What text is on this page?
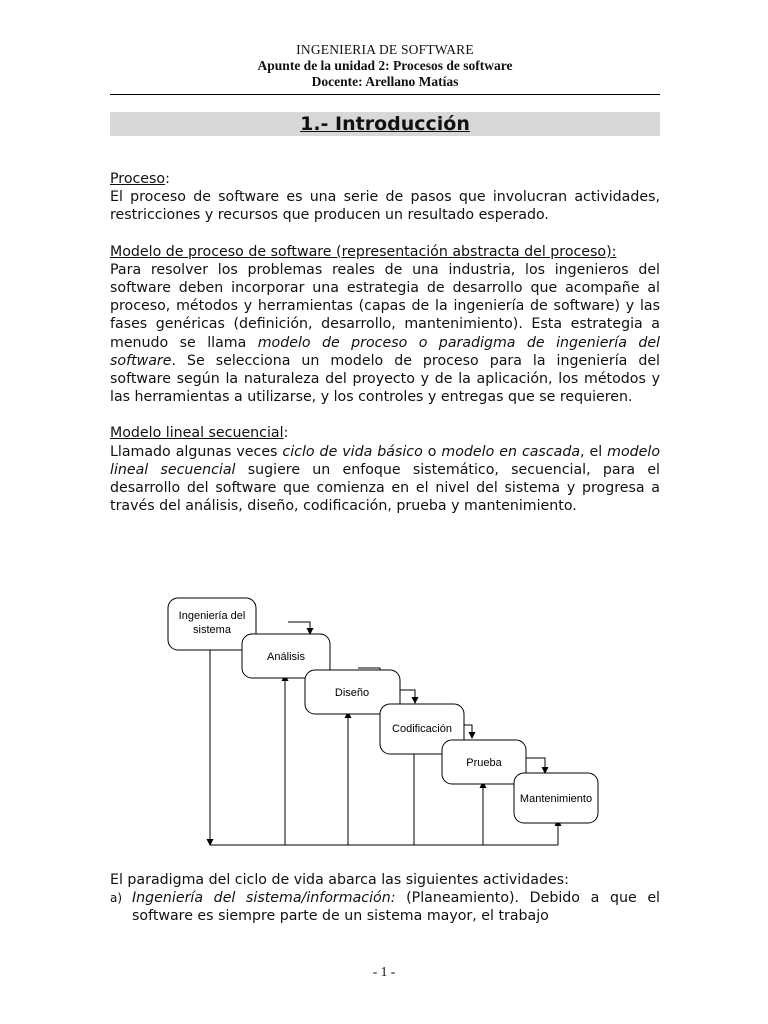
INGENIERIA DE SOFTWARE
Apunte de la unidad 2: Procesos de software
Docente: Arellano Matías
1.- Introducción

Proceso:

El proceso de software es una serie de pasos que involucran actividades, restricciones y recursos que producen un resultado esperado.

Modelo de proceso de software (representación abstracta del proceso):

Para resolver los problemas reales de una industria, los ingenieros del software deben incorporar una estrategia de desarrollo que acompañe al proceso, métodos y herramientas (capas de la ingeniería de software) y las fases genéricas (definición, desarrollo, mantenimiento). Esta estrategia a menudo se llama modelo de proceso o paradigma de ingeniería del software. Se selecciona un modelo de proceso para la ingeniería del software según la naturaleza del proyecto y de la aplicación, los métodos y las herramientas a utilizarse, y los controles y entregas que se requieren.

Modelo lineal secuencial:

Llamado algunas veces ciclo de vida básico o modelo en cascada, el modelo lineal secuencial sugiere un enfoque sistemático, secuencial, para el desarrollo del software que comienza en el nivel del sistema y progresa a través del análisis, diseño, codificación, prueba y mantenimiento.

Ingeniería del
sistema
Análisis
Diseño
Codificación
Prueba
Mantenimiento

El paradigma del ciclo de vida abarca las siguientes actividades:

a) Ingeniería del sistema/información: (Planeamiento). Debido a que el software es siempre parte de un sistema mayor, el trabajo

- 1 -
